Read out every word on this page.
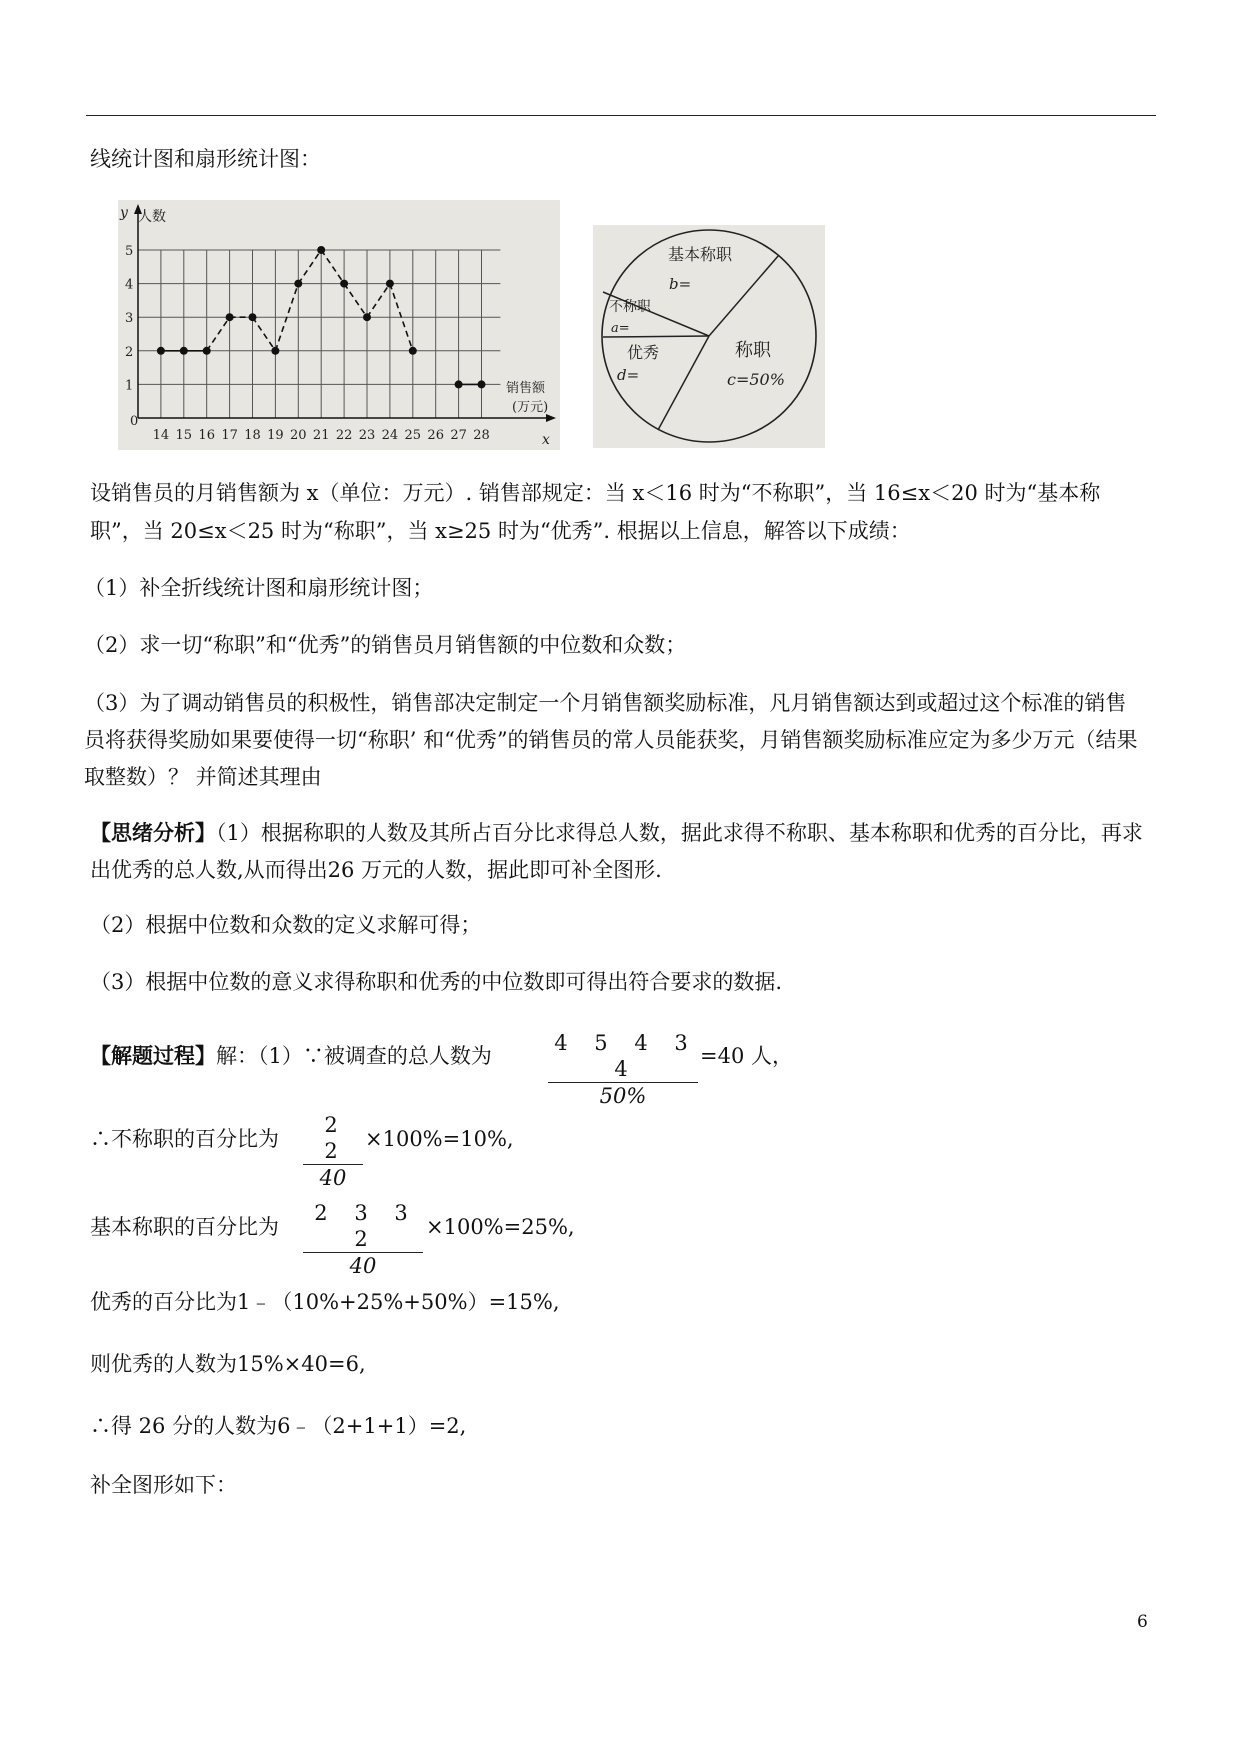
线统计图和扇形统计图：

14 15 16 17 18 19 20 21 22 23 24 25 26 27 28
1
2
3
4
5
y 人数
销售额
(万元)
x
0
基本称职
b=
不称职
a=
优秀
d=
称职
c=50%

设销售员的月销售额为 x（单位：万元）. 销售部规定：当 x＜16 时为“不称职”，当 16≤x＜20 时为“基本称职”，当 20≤x＜25 时为“称职”，当 x≥25 时为“优秀”. 根据以上信息，解答以下成绩：

（1）补全折线统计图和扇形统计图；

（2）求一切“称职”和“优秀”的销售员月销售额的中位数和众数；

（3）为了调动销售员的积极性，销售部决定制定一个月销售额奖励标准，凡月销售额达到或超过这个标准的销售员将获得奖励如果要使得一切“称职’ 和“优秀”的销售员的常人员能获奖，月销售额奖励标准应定为多少万元（结果取整数）？ 并简述其理由

【思绪分析】（1）根据称职的人数及其所占百分比求得总人数，据此求得不称职、基本称职和优秀的百分比，再求出优秀的总人数,从而得出26 万元的人数，据此即可补全图形.

（2）根据中位数和众数的定义求解可得；

（3）根据中位数的意义求得称职和优秀的中位数即可得出符合要求的数据.

【解题过程】解：（1）∵被调查的总人数为	$\frac{4 5 4 3 4}{50\%} =40$ 人，

∴不称职的百分比为 $\frac{2 2}{40} \times 100\%=10\%$,

基本称职的百分比为 $\frac{2 3 3 2}{40} \times 100\%=25\%$,

优秀的百分比为1﹣（10%+25%+50%）=15%,

则优秀的人数为15%×40=6,

∴得 26 分的人数为6﹣（2+1+1）=2,

补全图形如下：

6
